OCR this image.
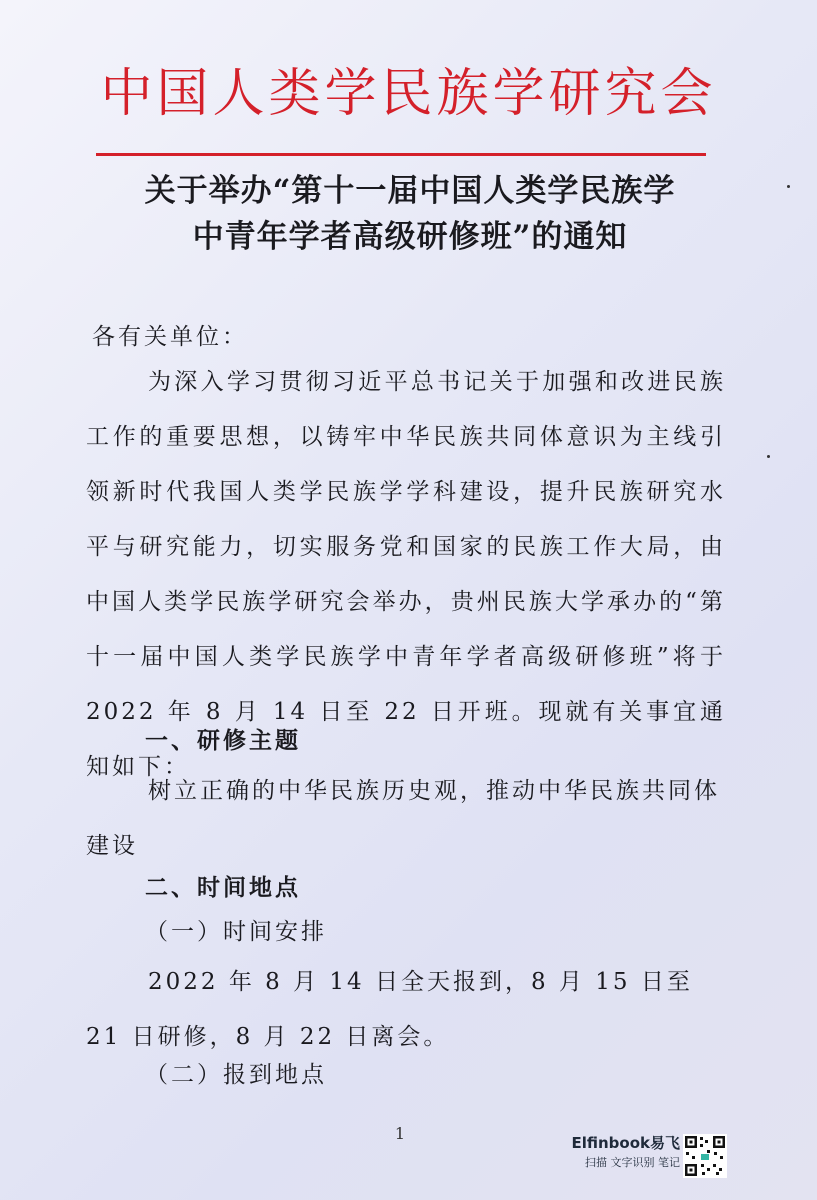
中国人类学民族学研究会
关于举办“第十一届中国人类学民族学
中青年学者高级研修班”的通知
各有关单位：
为深入学习贯彻习近平总书记关于加强和改进民族工作的重要思想，以铸牢中华民族共同体意识为主线引领新时代我国人类学民族学学科建设，提升民族研究水平与研究能力，切实服务党和国家的民族工作大局，由中国人类学民族学研究会举办，贵州民族大学承办的“第十一届中国人类学民族学中青年学者高级研修班”将于 2022 年 8 月 14 日至 22 日开班。现就有关事宜通知如下：
一、研修主题
树立正确的中华民族历史观，推动中华民族共同体建设
二、时间地点
（一）时间安排
2022 年 8 月 14 日全天报到，8 月 15 日至 21 日研修，8 月 22 日离会。
（二）报到地点
1	Elfinbook易飞
扫描 文字识别 笔记
